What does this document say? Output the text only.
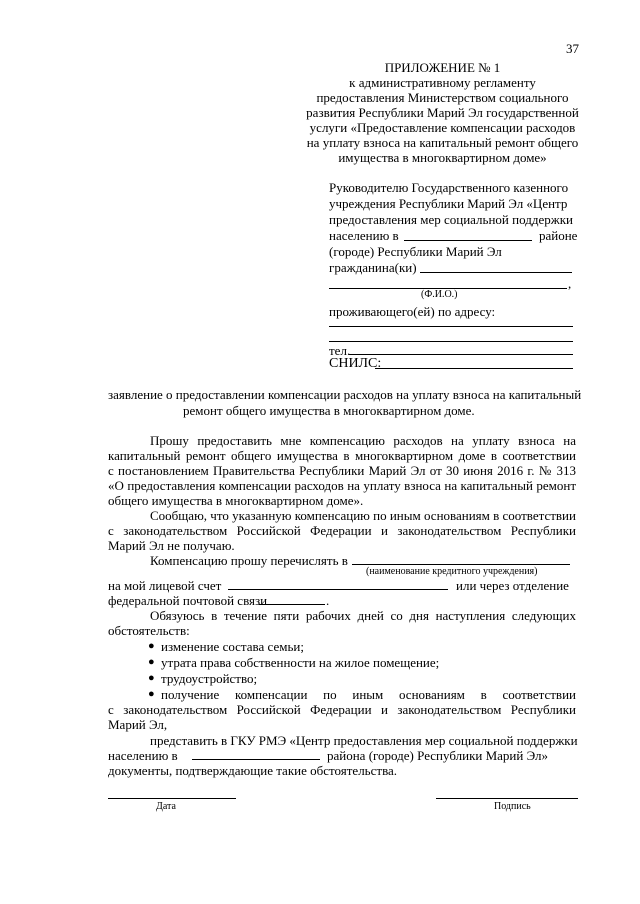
37
ПРИЛОЖЕНИЕ № 1
к административному регламенту
предоставления Министерством социального
развития Республики Марий Эл государственной
услуги «Предоставление компенсации расходов
на уплату взноса на капитальный ремонт общего
имущества в многоквартирном доме»
Руководителю Государственного казенного
учреждения Республики Марий Эл «Центр
предоставления мер социальной поддержки
населению в	районе
(городе) Республики Марий Эл
гражданина(ки)
,
(Ф.И.О.)
проживающего(ей) по адресу:
тел.
СНИЛС:
заявление о предоставлении компенсации расходов на уплату взноса на капитальный
ремонт общего имущества в многоквартирном доме.
Прошу предоставить мне компенсацию расходов на уплату взноса на
капитальный ремонт общего имущества в многоквартирном доме в соответствии
с постановлением Правительства Республики Марий Эл от 30 июня 2016 г. № 313
«О предоставления компенсации расходов на уплату взноса на капитальный ремонт
общего имущества в многоквартирном доме».
Сообщаю, что указанную компенсацию по иным основаниям в соответствии
с законодательством Российской Федерации и законодательством Республики
Марий Эл не получаю.
Компенсацию прошу перечислять в
(наименование кредитного учреждения)
на мой лицевой счет	или через отделение
федеральной почтовой связи	.
Обязуюсь в течение пяти рабочих дней со дня наступления следующих
обстоятельств:
● изменение состава семьи;
● утрата права собственности на жилое помещение;
● трудоустройство;
● получение компенсации по иным основаниям в соответствии
с законодательством Российской Федерации и законодательством Республики
Марий Эл,
представить в ГКУ РМЭ «Центр предоставления мер социальной поддержки
населению в	района (городе) Республики Марий Эл»
документы, подтверждающие такие обстоятельства.
Дата	Подпись
